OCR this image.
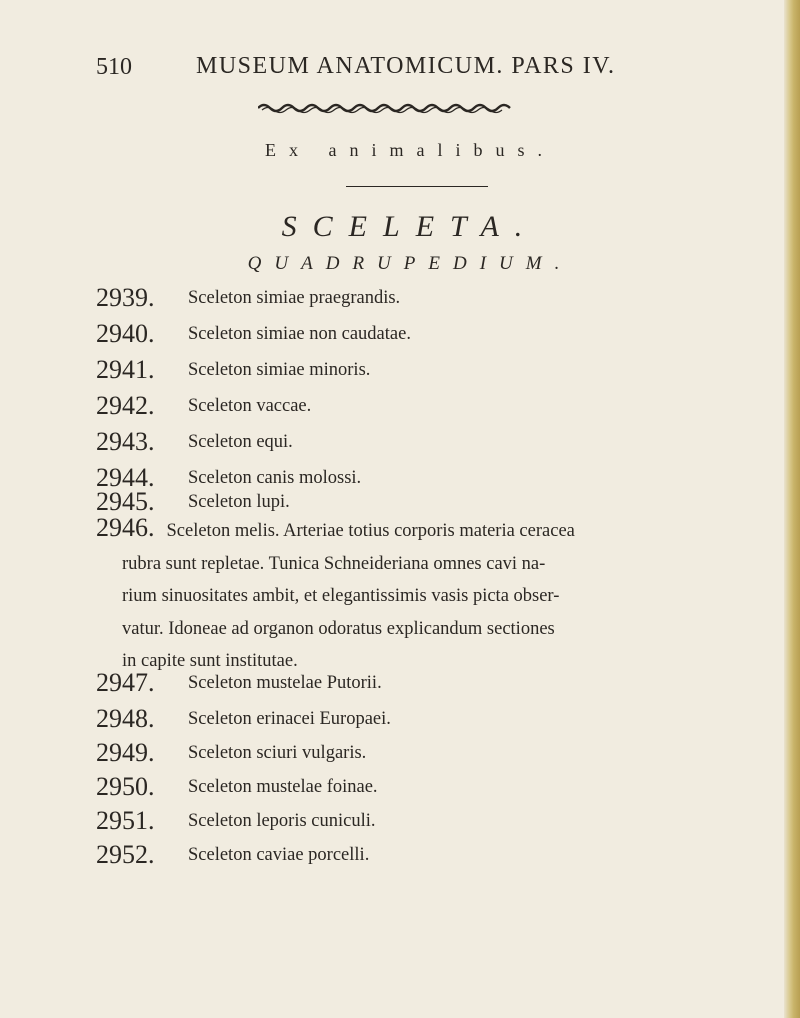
510	MUSEUM ANATOMICUM. PARS IV.
Ex animalibus.
SCELETA.
QUADRUPEDIUM.
2939.	Sceleton simiae praegrandis.
2940.	Sceleton simiae non caudatae.
2941.	Sceleton simiae minoris.
2942.	Sceleton vaccae.
2943.	Sceleton equi.
2944.	Sceleton canis molossi.
2945.	Sceleton lupi.
2946. Sceleton melis. Arteriae totius corporis materia ceracea
rubra sunt repletae. Tunica Schneideriana omnes cavi na-
rium sinuositates ambit, et elegantissimis vasis picta obser-
vatur. Idoneae ad organon odoratus explicandum sectiones
in capite sunt institutae.
2947.	Sceleton mustelae Putorii.
2948.	Sceleton erinacei Europaei.
2949.	Sceleton sciuri vulgaris.
2950.	Sceleton mustelae foinae.
2951.	Sceleton leporis cuniculi.
2952.	Sceleton caviae porcelli.
